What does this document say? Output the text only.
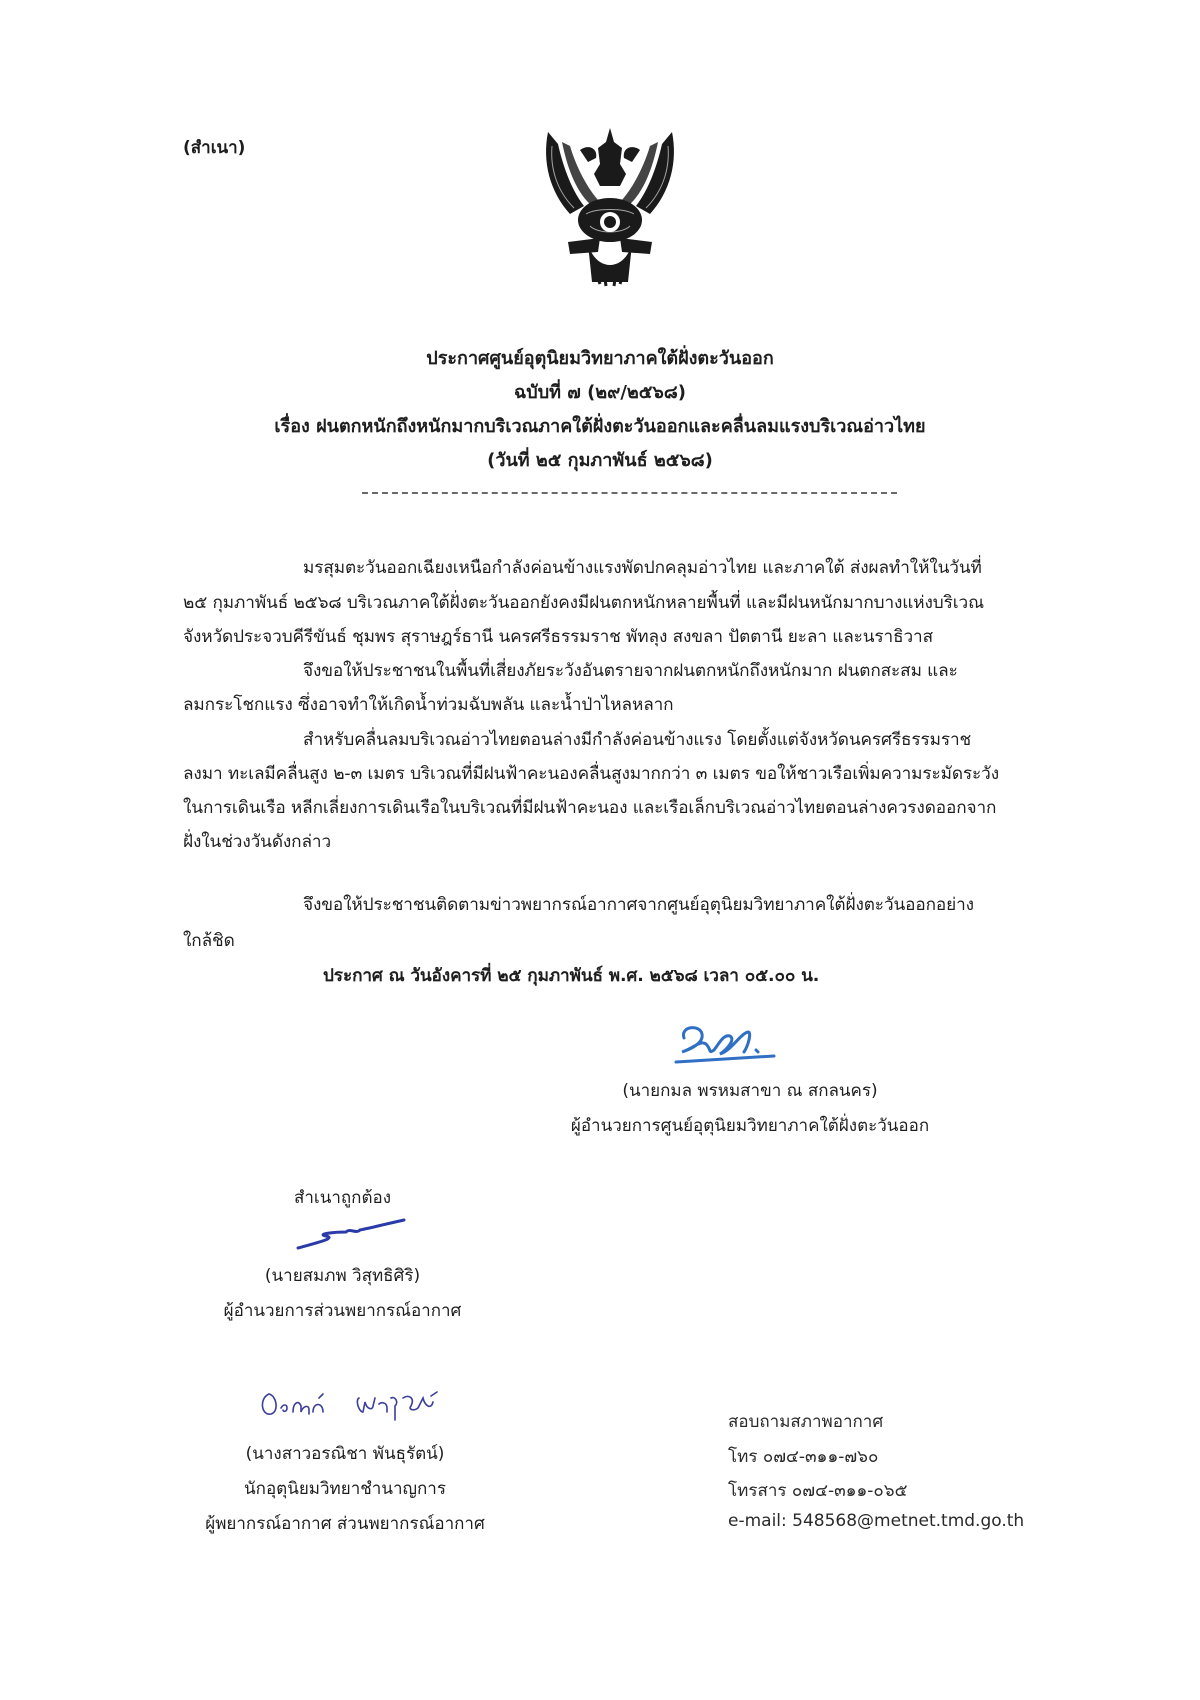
(สำเนา)
ประกาศศูนย์อุตุนิยมวิทยาภาคใต้ฝั่งตะวันออก
ฉบับที่ ๗ (๒๙/๒๕๖๘)
เรื่อง ฝนตกหนักถึงหนักมากบริเวณภาคใต้ฝั่งตะวันออกและคลื่นลมแรงบริเวณอ่าวไทย
(วันที่ ๒๕ กุมภาพันธ์ ๒๕๖๘)
มรสุมตะวันออกเฉียงเหนือกำลังค่อนข้างแรงพัดปกคลุมอ่าวไทย และภาคใต้ ส่งผลทำให้ในวันที่
๒๕ กุมภาพันธ์ ๒๕๖๘ บริเวณภาคใต้ฝั่งตะวันออกยังคงมีฝนตกหนักหลายพื้นที่ และมีฝนหนักมากบางแห่งบริเวณ
จังหวัดประจวบคีรีขันธ์ ชุมพร สุราษฎร์ธานี นครศรีธรรมราช พัทลุง สงขลา ปัตตานี ยะลา และนราธิวาส
จึงขอให้ประชาชนในพื้นที่เสี่ยงภัยระวังอันตรายจากฝนตกหนักถึงหนักมาก ฝนตกสะสม และ
ลมกระโชกแรง ซึ่งอาจทำให้เกิดน้ำท่วมฉับพลัน และน้ำป่าไหลหลาก
สำหรับคลื่นลมบริเวณอ่าวไทยตอนล่างมีกำลังค่อนข้างแรง โดยตั้งแต่จังหวัดนครศรีธรรมราช
ลงมา ทะเลมีคลื่นสูง ๒-๓ เมตร บริเวณที่มีฝนฟ้าคะนองคลื่นสูงมากกว่า ๓ เมตร ขอให้ชาวเรือเพิ่มความระมัดระวัง
ในการเดินเรือ หลีกเลี่ยงการเดินเรือในบริเวณที่มีฝนฟ้าคะนอง และเรือเล็กบริเวณอ่าวไทยตอนล่างควรงดออกจาก
ฝั่งในช่วงวันดังกล่าว
จึงขอให้ประชาชนติดตามข่าวพยากรณ์อากาศจากศูนย์อุตุนิยมวิทยาภาคใต้ฝั่งตะวันออกอย่าง
ใกล้ชิด
ประกาศ ณ วันอังคารที่ ๒๕ กุมภาพันธ์ พ.ศ. ๒๕๖๘ เวลา ๐๕.๐๐ น.
(นายกมล พรหมสาขา ณ สกลนคร)
ผู้อำนวยการศูนย์อุตุนิยมวิทยาภาคใต้ฝั่งตะวันออก
สำเนาถูกต้อง
(นายสมภพ วิสุทธิศิริ)
ผู้อำนวยการส่วนพยากรณ์อากาศ
(นางสาวอรณิชา พันธุรัตน์)
นักอุตุนิยมวิทยาชำนาญการ
ผู้พยากรณ์อากาศ ส่วนพยากรณ์อากาศ
สอบถามสภาพอากาศ
โทร ๐๗๔-๓๑๑-๗๖๐
โทรสาร ๐๗๔-๓๑๑-๐๖๕
e-mail: 548568@metnet.tmd.go.th
